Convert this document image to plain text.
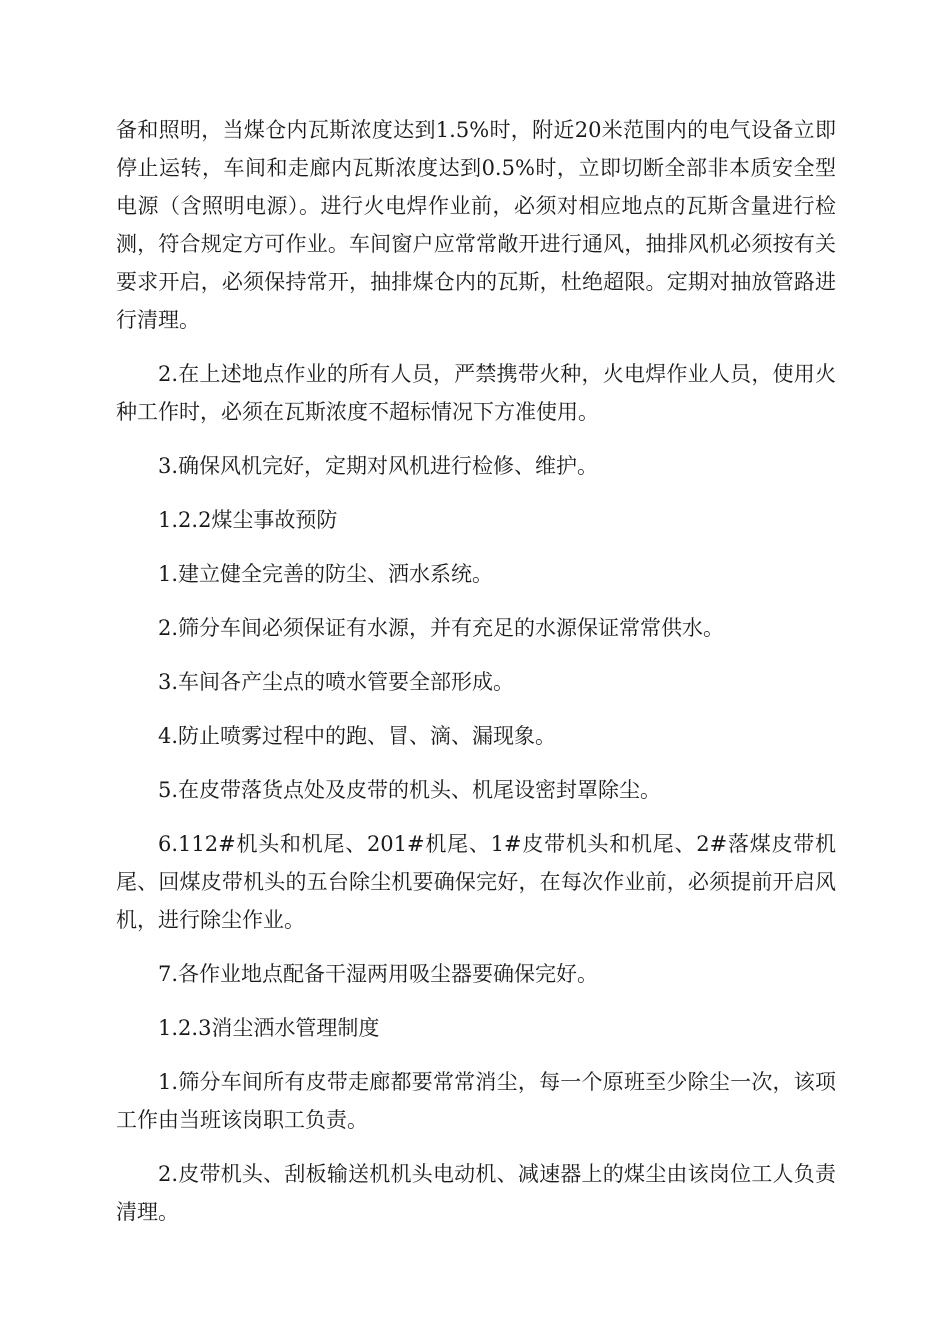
备和照明，当煤仓内瓦斯浓度达到1.5%时，附近20米范围内的电气设备立即停止运转，车间和走廊内瓦斯浓度达到0.5%时，立即切断全部非本质安全型电源（含照明电源）。进行火电焊作业前，必须对相应地点的瓦斯含量进行检测，符合规定方可作业。车间窗户应常常敞开进行通风，抽排风机必须按有关要求开启，必须保持常开，抽排煤仓内的瓦斯，杜绝超限。定期对抽放管路进行清理。

2.在上述地点作业的所有人员，严禁携带火种，火电焊作业人员，使用火种工作时，必须在瓦斯浓度不超标情况下方准使用。

3.确保风机完好，定期对风机进行检修、维护。

1.2.2煤尘事故预防

1.建立健全完善的防尘、洒水系统。

2.筛分车间必须保证有水源，并有充足的水源保证常常供水。

3.车间各产尘点的喷水管要全部形成。

4.防止喷雾过程中的跑、冒、滴、漏现象。

5.在皮带落货点处及皮带的机头、机尾设密封罩除尘。

6.112#机头和机尾、201#机尾、1#皮带机头和机尾、2#落煤皮带机尾、回煤皮带机头的五台除尘机要确保完好，在每次作业前，必须提前开启风机，进行除尘作业。

7.各作业地点配备干湿两用吸尘器要确保完好。

1.2.3消尘洒水管理制度

1.筛分车间所有皮带走廊都要常常消尘，每一个原班至少除尘一次，该项工作由当班该岗职工负责。

2.皮带机头、刮板输送机机头电动机、减速器上的煤尘由该岗位工人负责清理。
